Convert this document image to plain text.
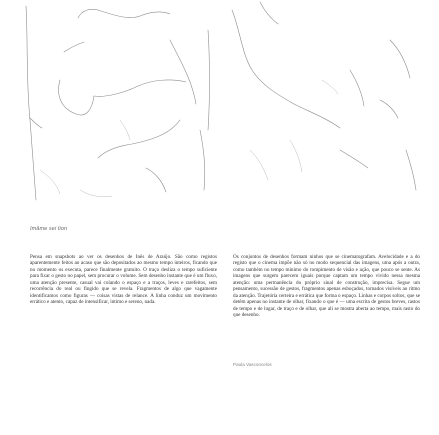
Imâme sei tion
Pensa em snapshots ao ver os desenhos de Inês de Araújo. São como registos aparentemente feitos ao acaso que são depositados ao mesmo tempo inteiros, ficando que no momento os executa, parece finalmente gratuito. O traço desliza o tempo suficiente para fixar o gesto no papel, sem procurar o volume. Sem desenho instante que é um fluxo, uma atenção presente, casual vai colando o espaço e a traços, leves e rarefeitos, sem recorrência do real ou fingido que se revela. Fragmentos de algo que vagamente identificamos como figuras — coisas vistas de relance. A linha conduz um movimento errático e atento, capaz de intensificar, intimo e sereno, nada.
Os conjuntos de desenhos formam ninhos que se cinematografam. Avelocidade e a do registo que o cinema impõe não só no modo sequencial das imagens, uma após a outra, como também no tempo mínimo do rompimento de visão e ação, que pouco se sente. As imagens que surgem parecem iguais porque captam um tempo vivido nessa mesma atenção: uma permanência do próprio sinal de construção, imprecisa. Segue um pensamento, sucessão de gestos, fragmentos apenas esboçados, tornados visíveis ao ritmo da atenção. Trajetória certeira e errática que forma o espaço. Linhas e corpos soltos, que se detêm apenas no instante de olhar, fixando o que é — uma escrita de gestos breves, rastos de tempo e de lugar, de traço e de olhar, que ali se mostra aberta ao tempo, mais rasto do que desenho.
Paula Vasconcelos
